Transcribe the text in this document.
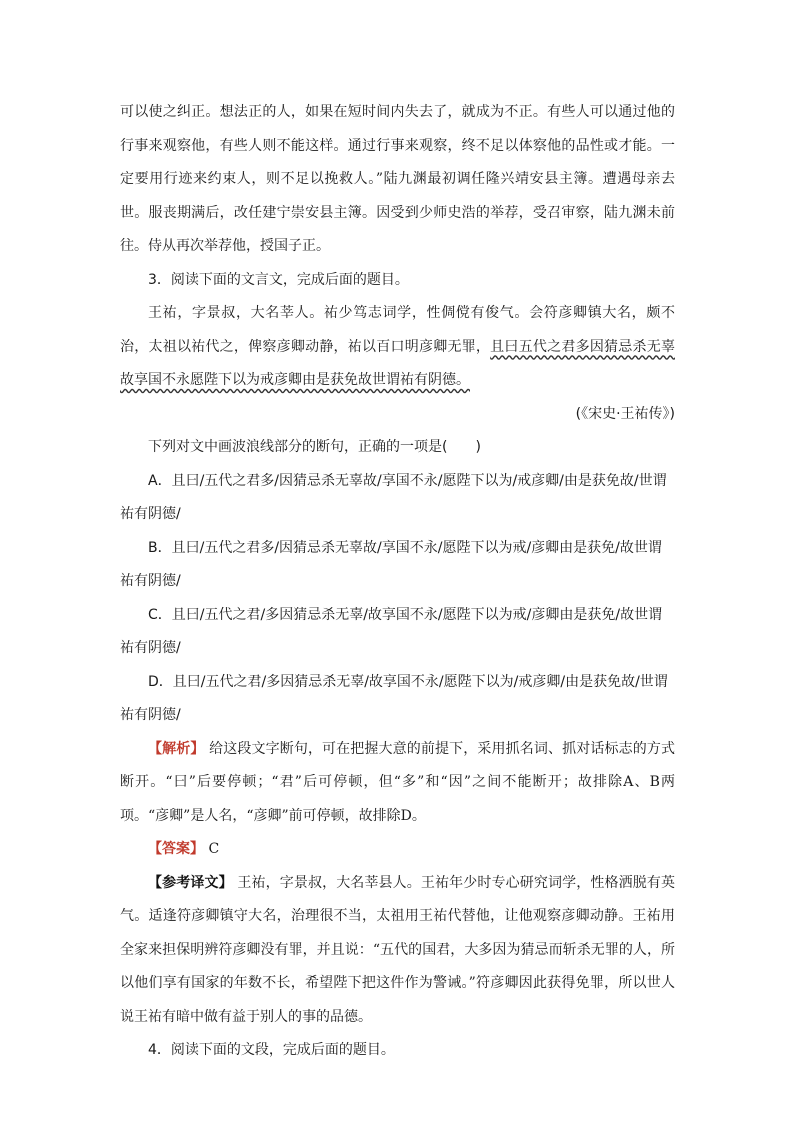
可以使之纠正。想法正的人，如果在短时间内失去了，就成为不正。有些人可以通过他的行事来观察他，有些人则不能这样。通过行事来观察，终不足以体察他的品性或才能。一定要用行迹来约束人，则不足以挽救人。”陆九渊最初调任隆兴靖安县主簿。遭遇母亲去世。服丧期满后，改任建宁崇安县主簿。因受到少师史浩的举荐，受召审察，陆九渊未前往。侍从再次举荐他，授国子正。

3．阅读下面的文言文，完成后面的题目。

王祐，字景叔，大名莘人。祐少笃志词学，性倜傥有俊气。会符彦卿镇大名，颇不治，太祖以祐代之，俾察彦卿动静，祐以百口明彦卿无罪，且曰五代之君多因猜忌杀无辜故享国不永愿陛下以为戒彦卿由是获免故世谓祐有阴德。

(《宋史·王祐传》)

下列对文中画波浪线部分的断句，正确的一项是(　　)

A．且曰/五代之君多/因猜忌杀无辜故/享国不永/愿陛下以为/戒彦卿/由是获免故/世谓祐有阴德/

B．且曰/五代之君多/因猜忌杀无辜故/享国不永/愿陛下以为戒/彦卿由是获免/故世谓祐有阴德/

C．且曰/五代之君/多因猜忌杀无辜/故享国不永/愿陛下以为戒/彦卿由是获免/故世谓祐有阴德/

D．且曰/五代之君/多因猜忌杀无辜/故享国不永/愿陛下以为/戒彦卿/由是获免故/世谓祐有阴德/

【解析】 给这段文字断句，可在把握大意的前提下，采用抓名词、抓对话标志的方式断开。“曰”后要停顿；“君”后可停顿，但“多”和“因”之间不能断开；故排除A、B两项。“彦卿”是人名，“彦卿”前可停顿，故排除D。

【答案】 C

【参考译文】 王祐，字景叔，大名莘县人。王祐年少时专心研究词学，性格洒脱有英气。适逢符彦卿镇守大名，治理很不当，太祖用王祐代替他，让他观察彦卿动静。王祐用全家来担保明辨符彦卿没有罪，并且说：“五代的国君，大多因为猜忌而斩杀无罪的人，所以他们享有国家的年数不长，希望陛下把这件作为警诫。”符彦卿因此获得免罪，所以世人说王祐有暗中做有益于别人的事的品德。

4．阅读下面的文段，完成后面的题目。
